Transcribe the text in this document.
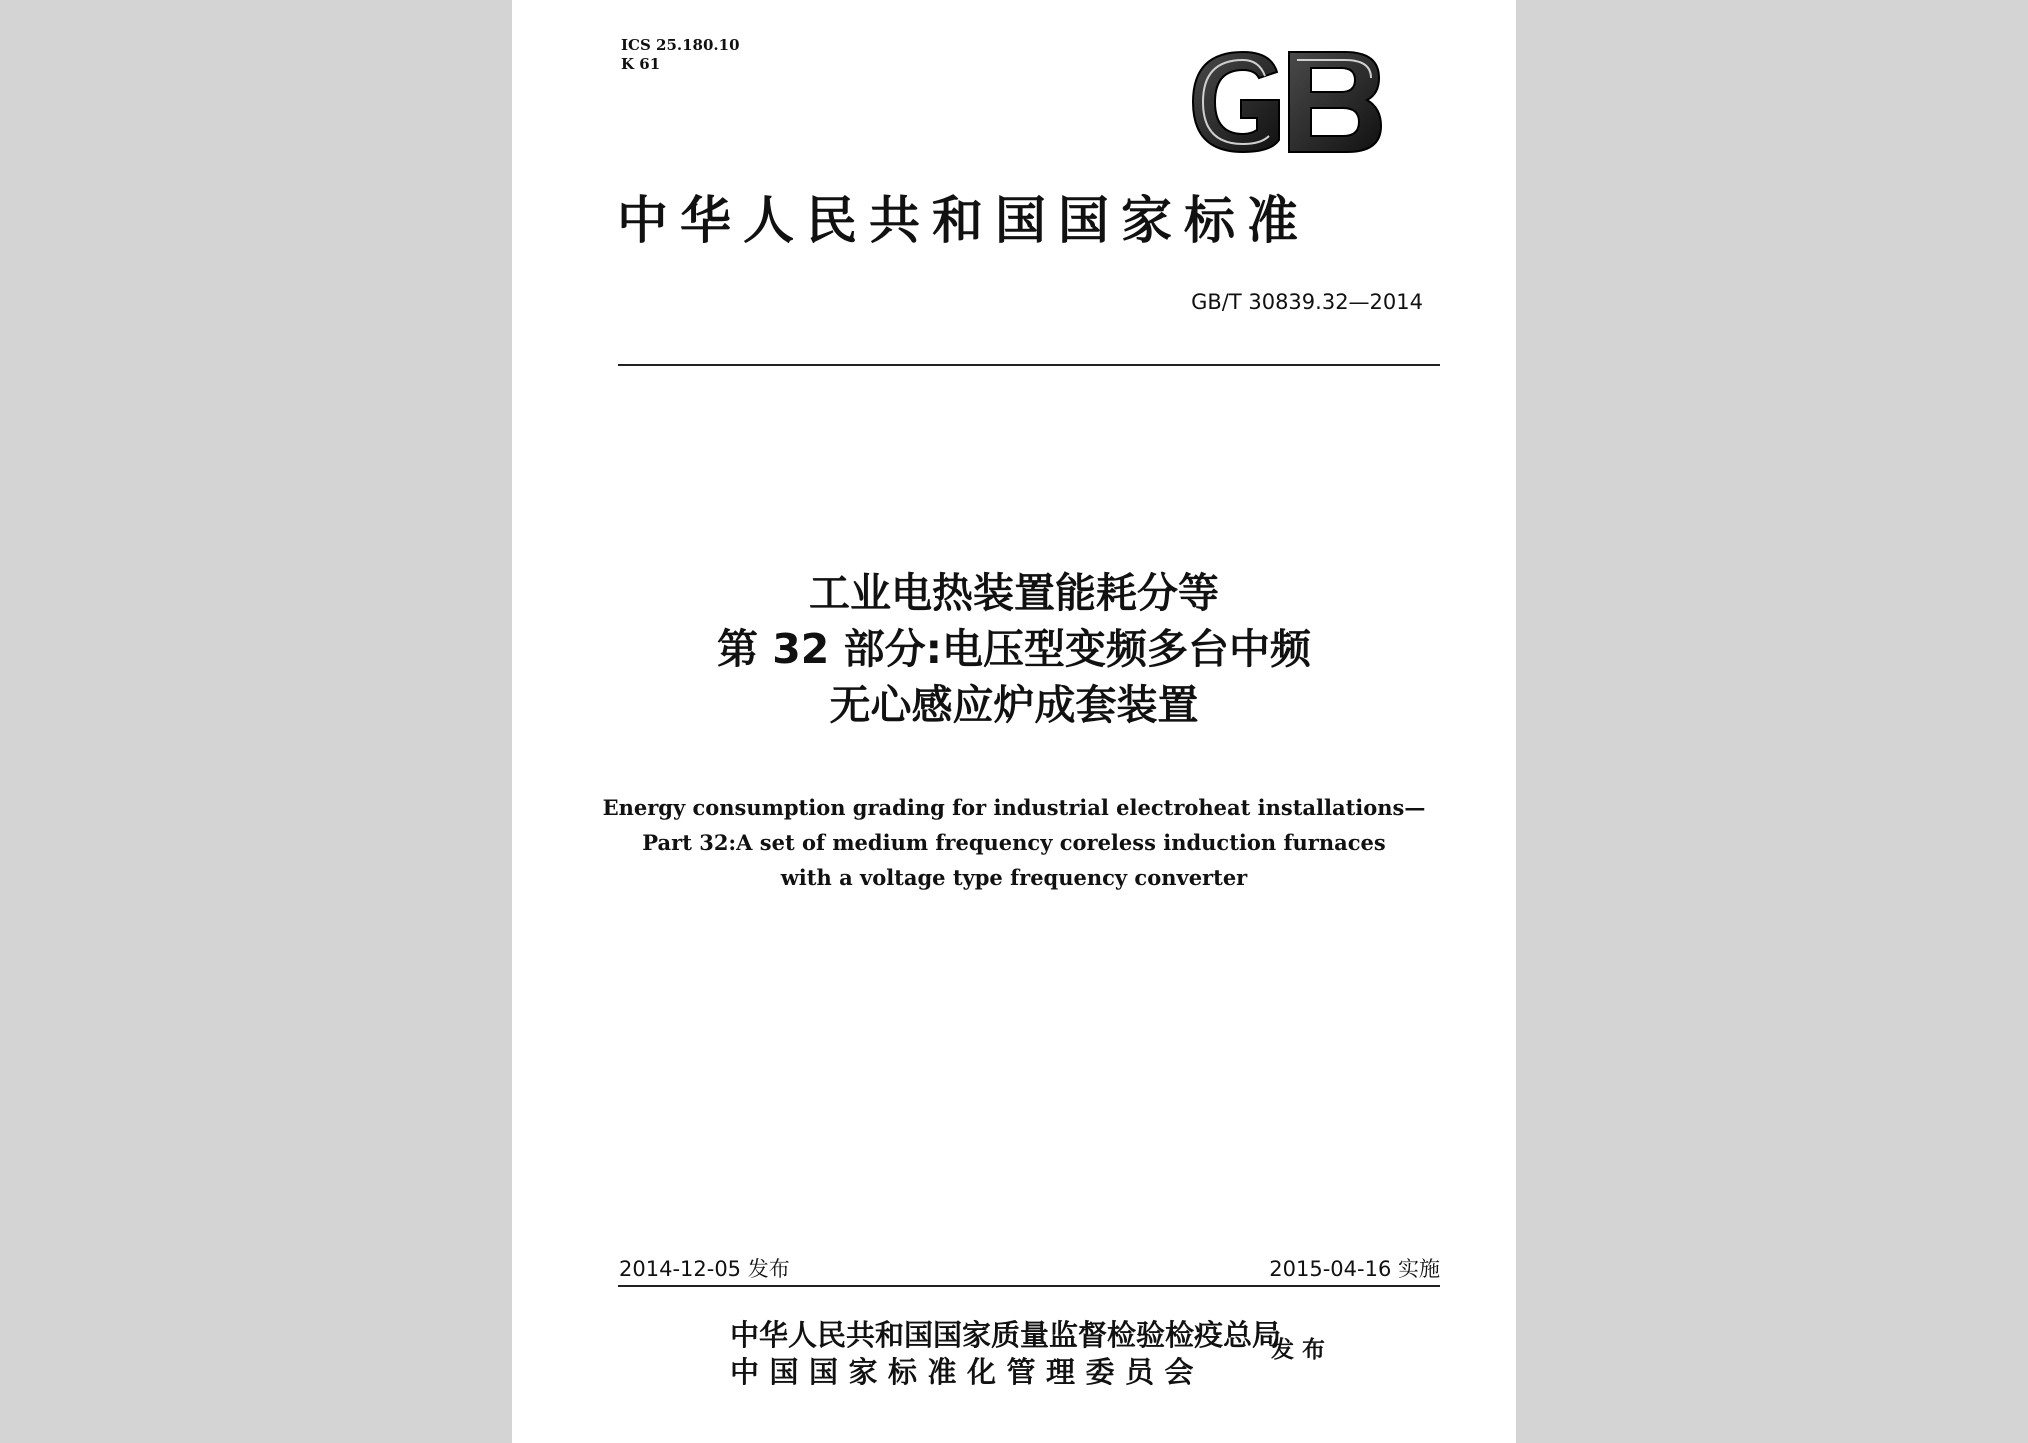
ICS 25.180.10
K 61
中华人民共和国国家标准
GB/T 30839.32—2014
工业电热装置能耗分等
第 32 部分:电压型变频多台中频
无心感应炉成套装置
Energy consumption grading for industrial electroheat installations—
Part 32:A set of medium frequency coreless induction furnaces
with a voltage type frequency converter
2014-12-05 发布	2015-04-16 实施
中华人民共和国国家质量监督检验检疫总局
中国国家标准化管理委员会
发布
